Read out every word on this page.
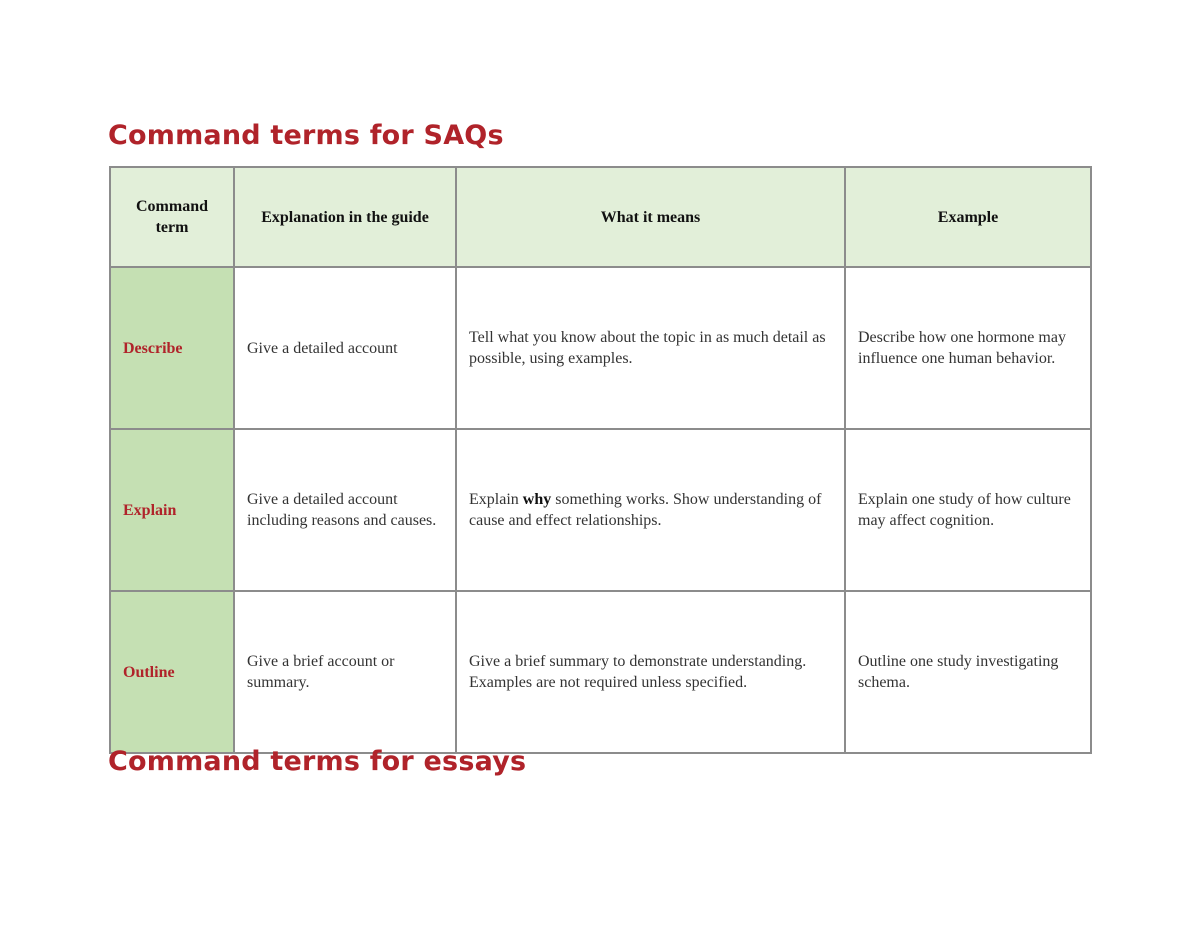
Command terms for SAQs
Command term	Explanation in the guide	What it means	Example
Describe	Give a detailed account	Tell what you know about the topic in as much detail as possible, using examples.	Describe how one hormone may influence one human behavior.
Explain	Give a detailed account including reasons and causes.	Explain why something works. Show understanding of cause and effect relationships.	Explain one study of how culture may affect cognition.
Outline	Give a brief account or summary.	Give a brief summary to demonstrate understanding. Examples are not required unless specified.	Outline one study investigating schema.
Command terms for essays
